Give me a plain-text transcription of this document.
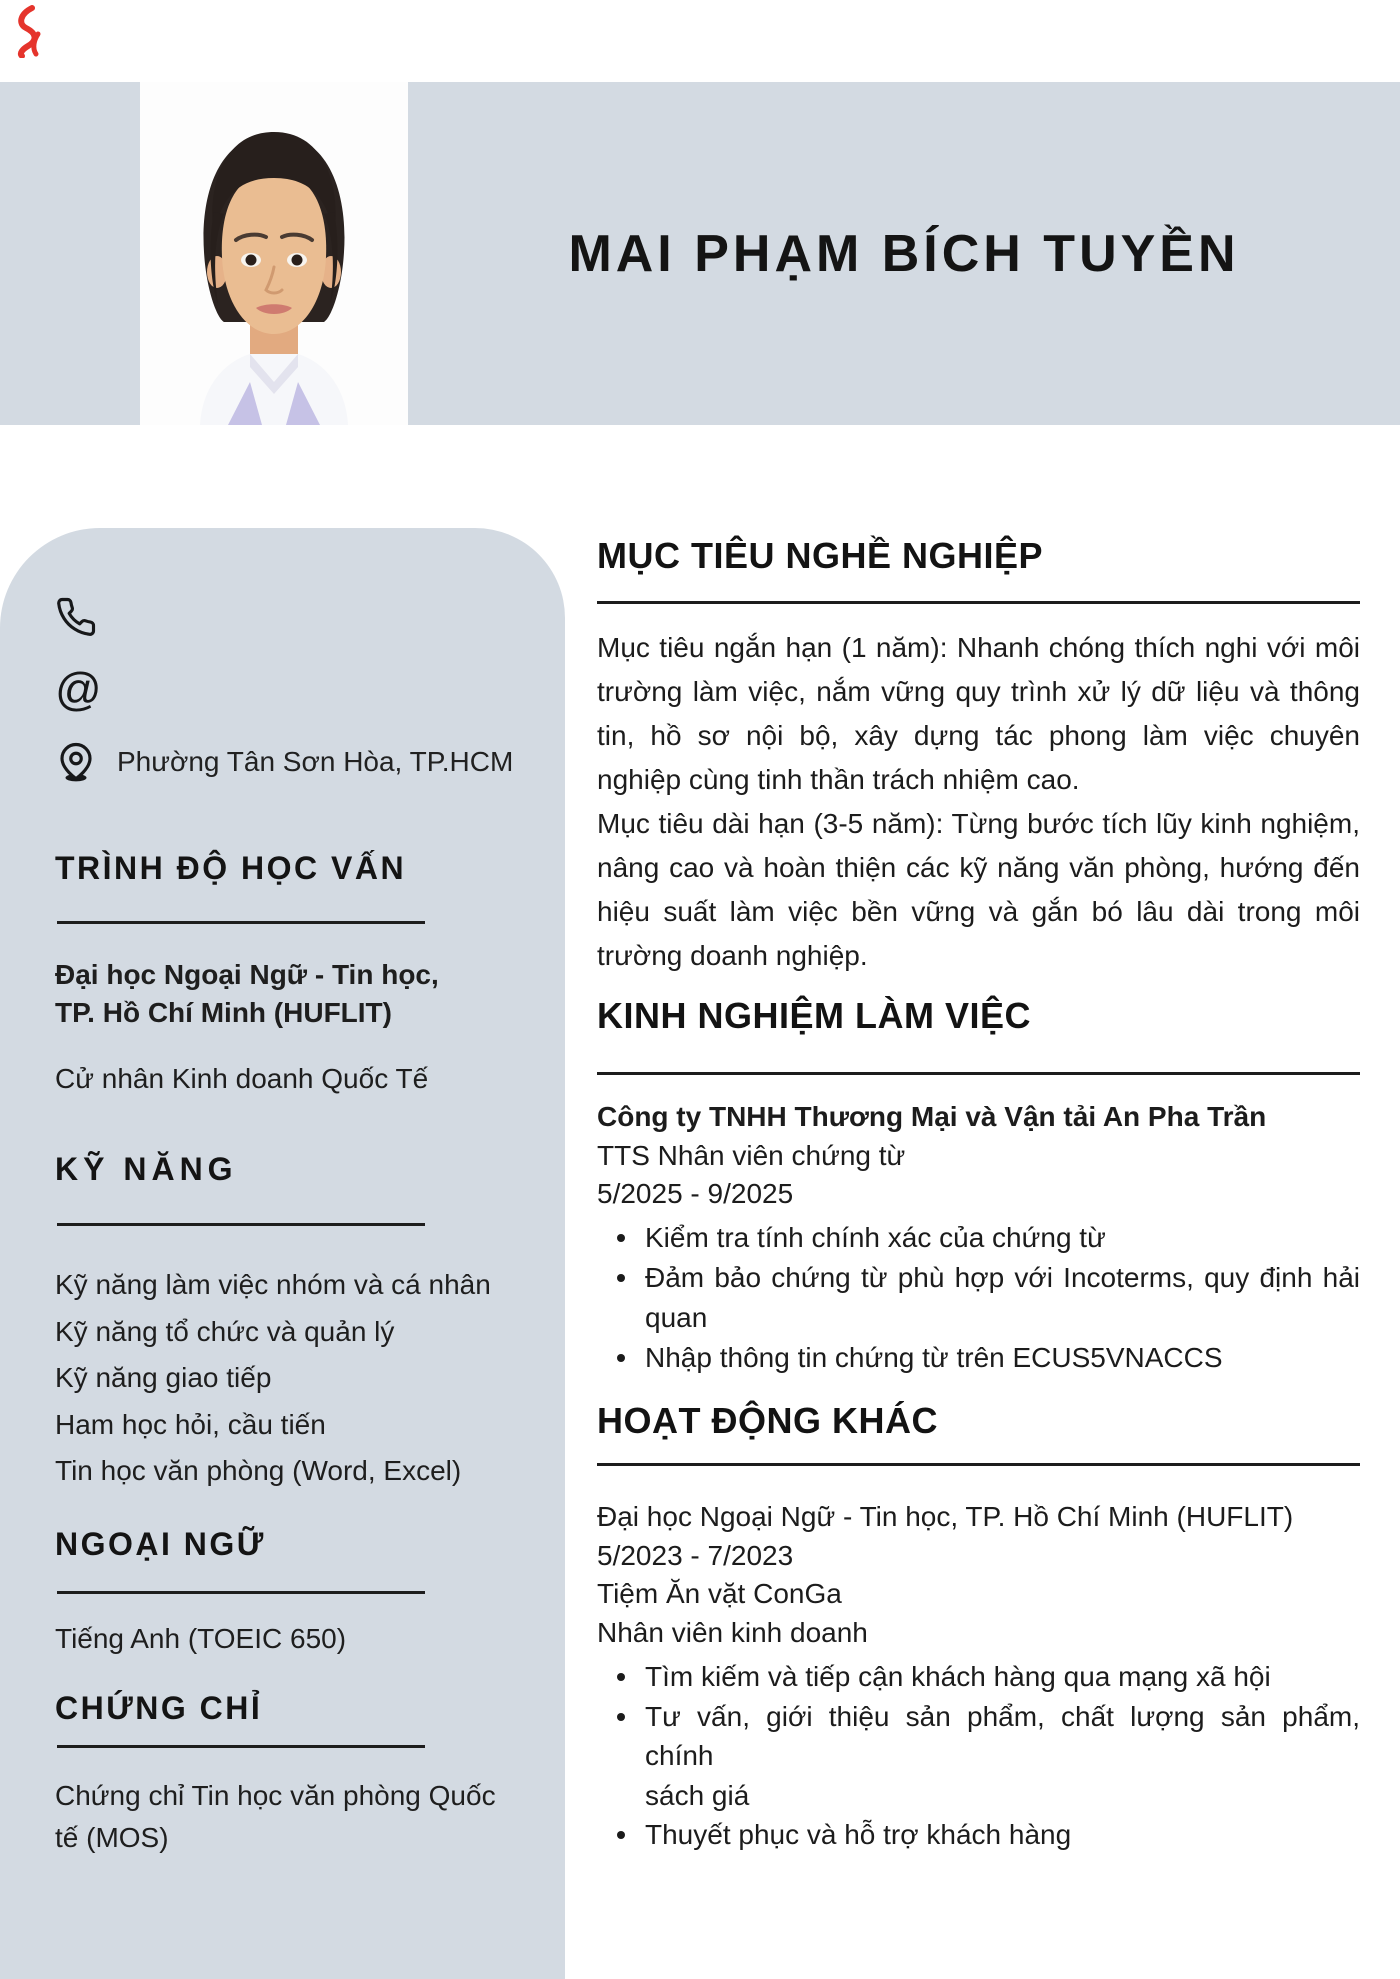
MAI PHẠM BÍCH TUYỀN
@
Phường Tân Sơn Hòa, TP.HCM
TRÌNH ĐỘ HỌC VẤN
Đại học Ngoại Ngữ - Tin học,
TP. Hồ Chí Minh (HUFLIT)
Cử nhân Kinh doanh Quốc Tế
KỸ NĂNG
Kỹ năng làm việc nhóm và cá nhân
Kỹ năng tổ chức và quản lý
Kỹ năng giao tiếp
Ham học hỏi, cầu tiến
Tin học văn phòng (Word, Excel)
NGOẠI NGỮ
Tiếng Anh (TOEIC 650)
CHỨNG CHỈ
Chứng chỉ Tin học văn phòng Quốc
tế (MOS)
MỤC TIÊU NGHỀ NGHIỆP
Mục tiêu ngắn hạn (1 năm): Nhanh chóng thích nghi với môi
trường làm việc, nắm vững quy trình xử lý dữ liệu và thông
tin, hồ sơ nội bộ, xây dựng tác phong làm việc chuyên
nghiệp cùng tinh thần trách nhiệm cao.
Mục tiêu dài hạn (3-5 năm): Từng bước tích lũy kinh nghiệm,
nâng cao và hoàn thiện các kỹ năng văn phòng, hướng đến
hiệu suất làm việc bền vững và gắn bó lâu dài trong môi
trường doanh nghiệp.
KINH NGHIỆM LÀM VIỆC
Công ty TNHH Thương Mại và Vận tải An Pha Trần
TTS Nhân viên chứng từ
5/2025 - 9/2025
Kiểm tra tính chính xác của chứng từ
Đảm bảo chứng từ phù hợp với Incoterms, quy định hải
quan
Nhập thông tin chứng từ trên ECUS5VNACCS
HOẠT ĐỘNG KHÁC
Đại học Ngoại Ngữ - Tin học, TP. Hồ Chí Minh (HUFLIT)
5/2023 - 7/2023
Tiệm Ăn vặt ConGa
Nhân viên kinh doanh
Tìm kiếm và tiếp cận khách hàng qua mạng xã hội
Tư vấn, giới thiệu sản phẩm, chất lượng sản phẩm, chính
sách giá
Thuyết phục và hỗ trợ khách hàng
